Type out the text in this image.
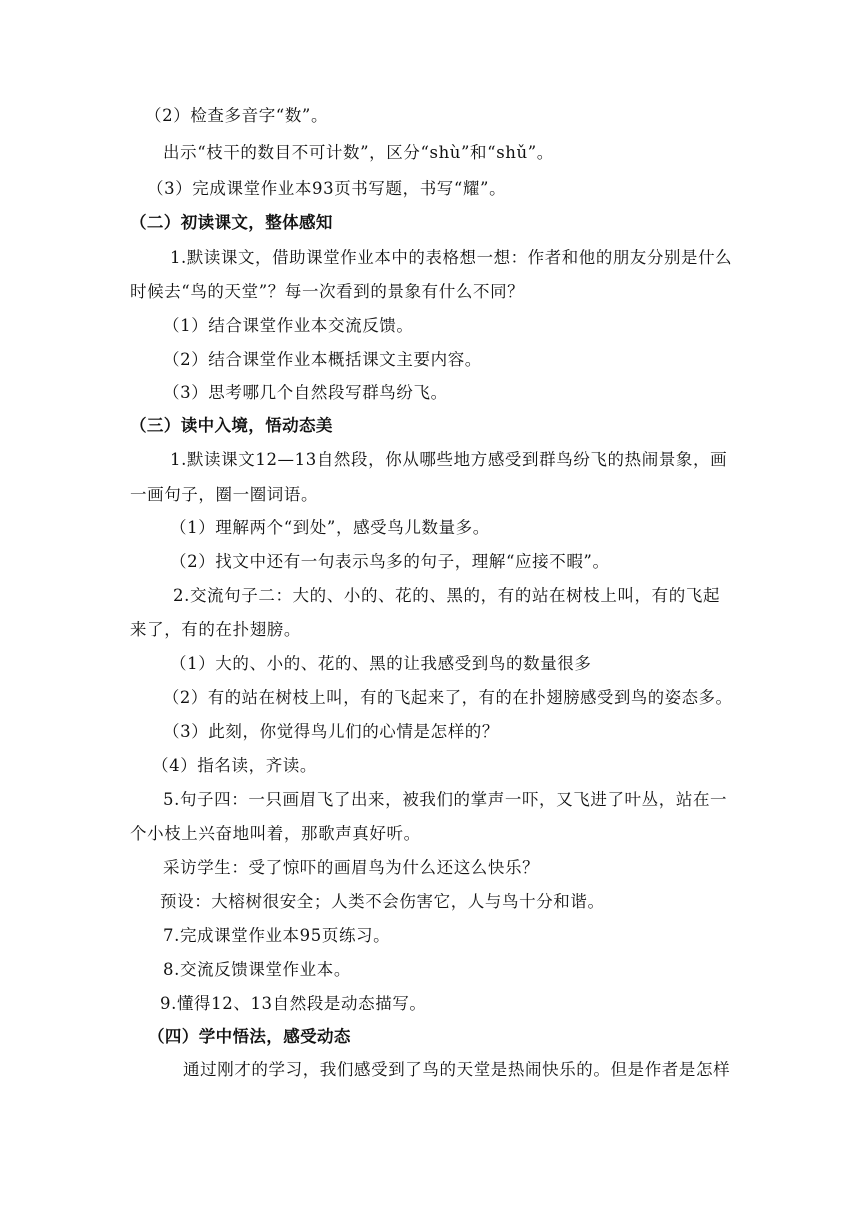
（2）检查多音字“数”。
出示“枝干的数目不可计数”，区分“shù”和“shǔ”。
（3）完成课堂作业本93页书写题，书写“耀”。
（二）初读课文，整体感知
1.默读课文，借助课堂作业本中的表格想一想：作者和他的朋友分别是什么
时候去“鸟的天堂”？每一次看到的景象有什么不同？
（1）结合课堂作业本交流反馈。
（2）结合课堂作业本概括课文主要内容。
（3）思考哪几个自然段写群鸟纷飞。
（三）读中入境，悟动态美
1.默读课文12—13自然段，你从哪些地方感受到群鸟纷飞的热闹景象，画
一画句子，圈一圈词语。
（1）理解两个“到处”，感受鸟儿数量多。
（2）找文中还有一句表示鸟多的句子，理解“应接不暇”。
2.交流句子二：大的、小的、花的、黑的，有的站在树枝上叫，有的飞起
来了，有的在扑翅膀。
（1）大的、小的、花的、黑的让我感受到鸟的数量很多
（2）有的站在树枝上叫，有的飞起来了，有的在扑翅膀感受到鸟的姿态多。
（3）此刻，你觉得鸟儿们的心情是怎样的？
（4）指名读，齐读。
5.句子四：一只画眉飞了出来，被我们的掌声一吓，又飞进了叶丛，站在一
个小枝上兴奋地叫着，那歌声真好听。
采访学生：受了惊吓的画眉鸟为什么还这么快乐？
预设：大榕树很安全；人类不会伤害它，人与鸟十分和谐。
7.完成课堂作业本95页练习。
8.交流反馈课堂作业本。
9.懂得12、13自然段是动态描写。
（四）学中悟法，感受动态
通过刚才的学习，我们感受到了鸟的天堂是热闹快乐的。但是作者是怎样
